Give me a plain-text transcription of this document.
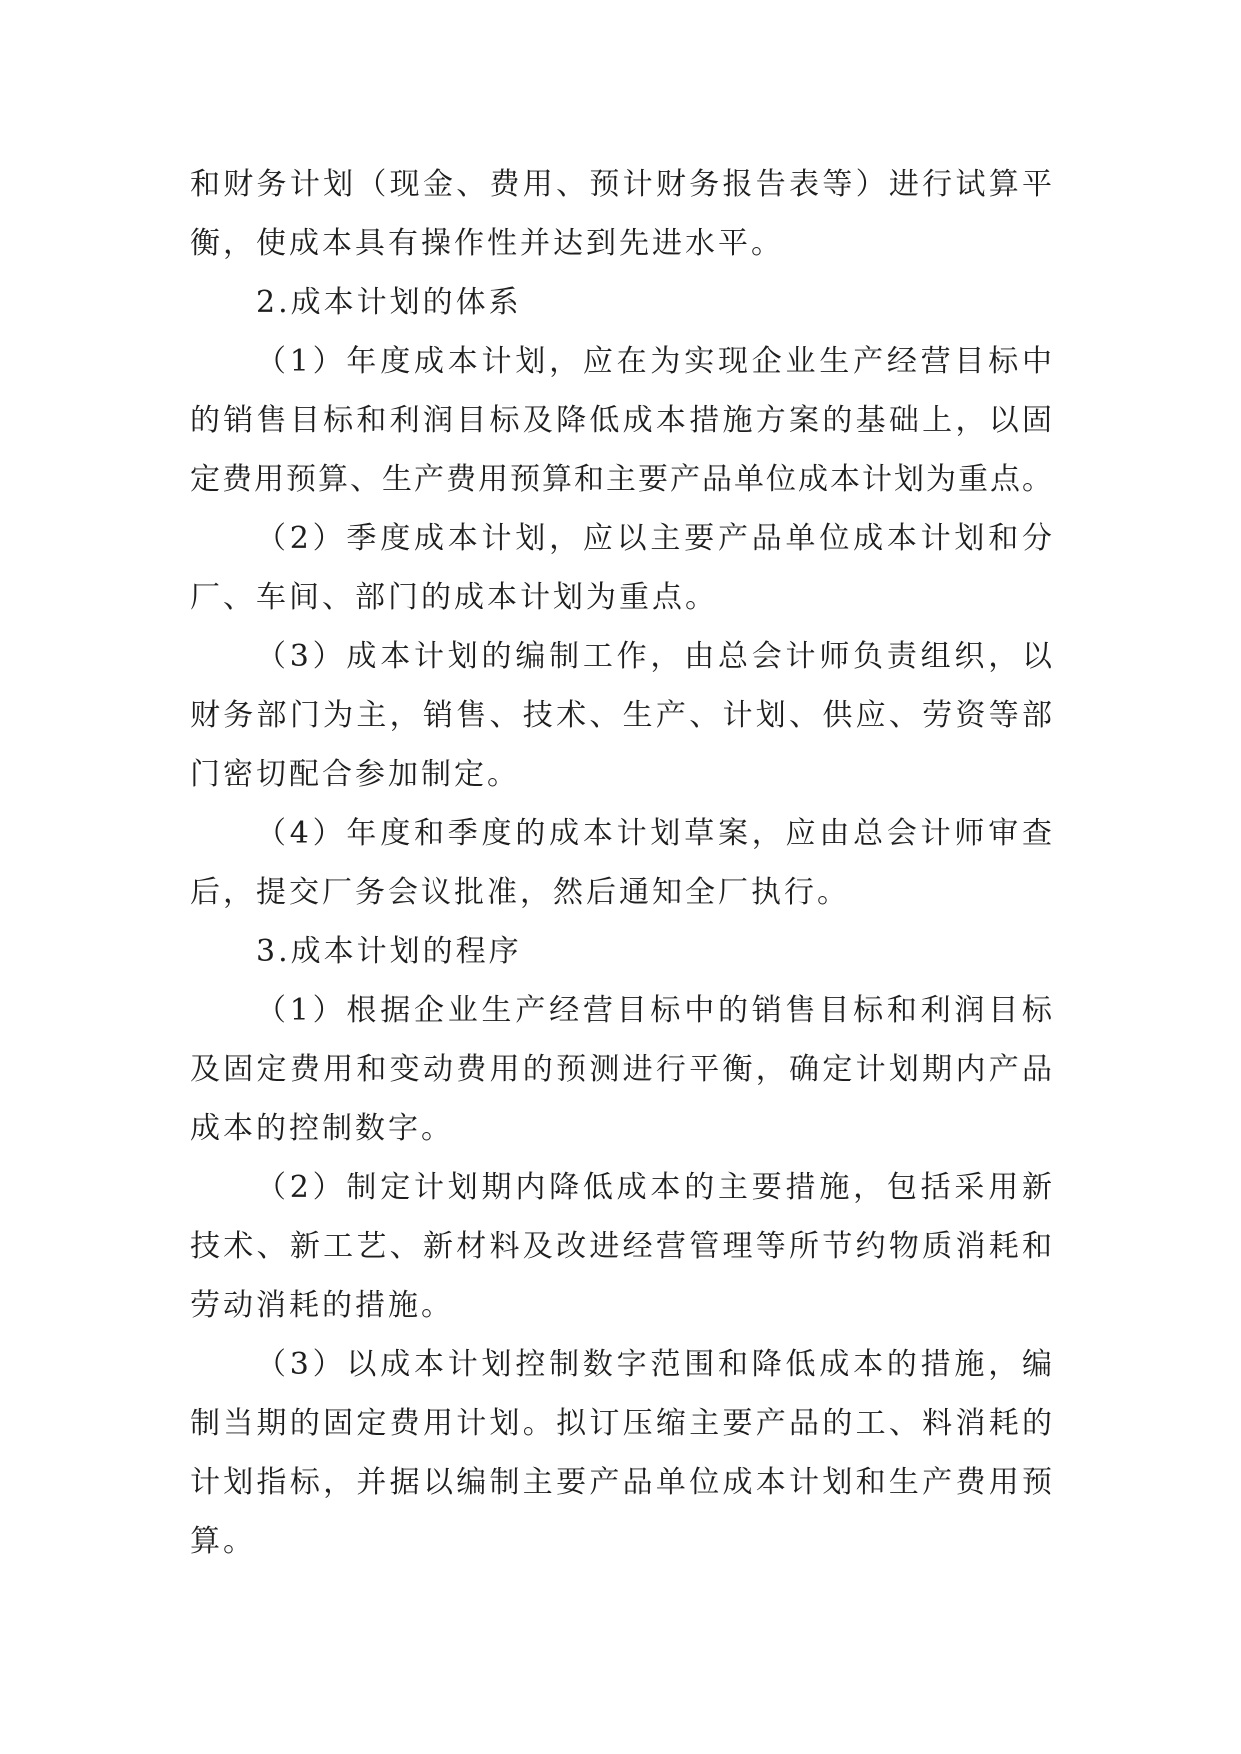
和财务计划（现金、费用、预计财务报告表等）进行试算平
衡，使成本具有操作性并达到先进水平。
2.成本计划的体系
（1）年度成本计划，应在为实现企业生产经营目标中
的销售目标和利润目标及降低成本措施方案的基础上，以固
定费用预算、生产费用预算和主要产品单位成本计划为重点。
（2）季度成本计划，应以主要产品单位成本计划和分
厂、车间、部门的成本计划为重点。
（3）成本计划的编制工作，由总会计师负责组织，以
财务部门为主，销售、技术、生产、计划、供应、劳资等部
门密切配合参加制定。
（4）年度和季度的成本计划草案，应由总会计师审查
后，提交厂务会议批准，然后通知全厂执行。
3.成本计划的程序
（1）根据企业生产经营目标中的销售目标和利润目标
及固定费用和变动费用的预测进行平衡，确定计划期内产品
成本的控制数字。
（2）制定计划期内降低成本的主要措施，包括采用新
技术、新工艺、新材料及改进经营管理等所节约物质消耗和
劳动消耗的措施。
（3）以成本计划控制数字范围和降低成本的措施，编
制当期的固定费用计划。拟订压缩主要产品的工、料消耗的
计划指标，并据以编制主要产品单位成本计划和生产费用预
算。
